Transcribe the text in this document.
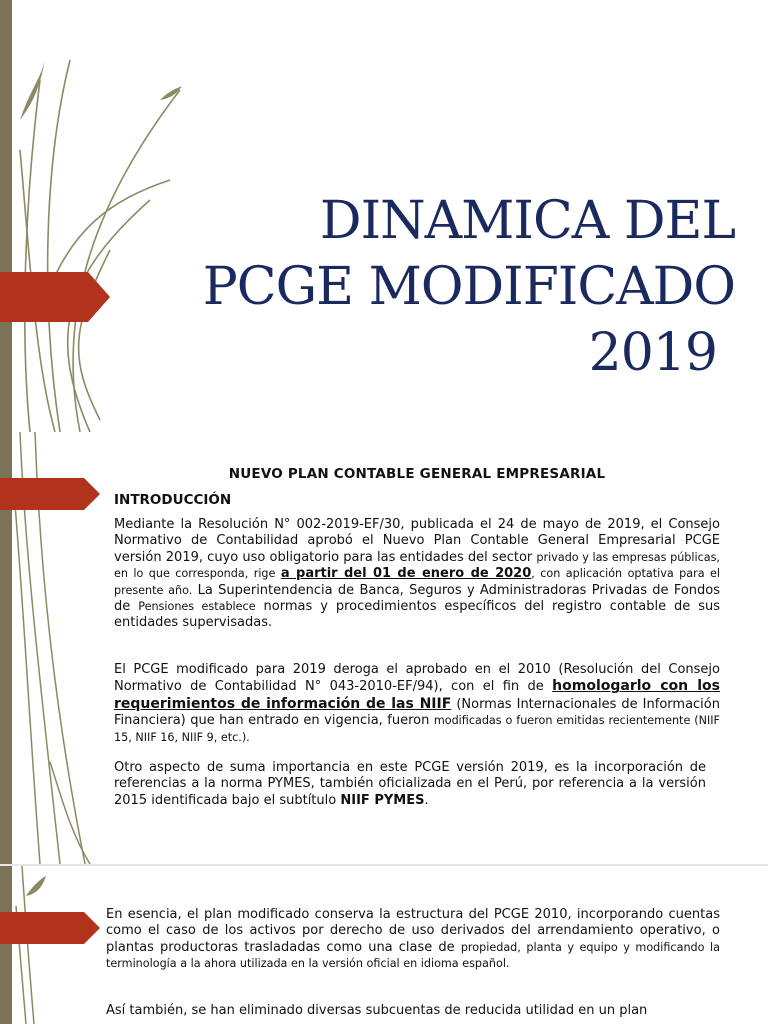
DINAMICA DEL
PCGE MODIFICADO
2019
NUEVO PLAN CONTABLE GENERAL EMPRESARIAL
INTRODUCCIÓN
Mediante la Resolución N° 002-2019-EF/30, publicada el 24 de mayo de 2019, el Consejo Normativo de Contabilidad aprobó el Nuevo Plan Contable General Empresarial PCGE versión 2019, cuyo uso obligatorio para las entidades del sector privado y las empresas públicas, en lo que corresponda, rige a partir del 01 de enero de 2020, con aplicación optativa para el presente año. La Superintendencia de Banca, Seguros y Administradoras Privadas de Fondos de Pensiones establece normas y procedimientos específicos del registro contable de sus entidades supervisadas.
El PCGE modificado para 2019 deroga el aprobado en el 2010 (Resolución del Consejo Normativo de Contabilidad N° 043-2010-EF/94), con el fin de homologarlo con los requerimientos de información de las NIIF (Normas Internacionales de Información Financiera) que han entrado en vigencia, fueron modificadas o fueron emitidas recientemente (NIIF 15, NIIF 16, NIIF 9, etc.).
Otro aspecto de suma importancia en este PCGE versión 2019, es la incorporación de referencias a la norma PYMES, también oficializada en el Perú, por referencia a la versión 2015 identificada bajo el subtítulo NIIF PYMES.
En esencia, el plan modificado conserva la estructura del PCGE 2010, incorporando cuentas como el caso de los activos por derecho de uso derivados del arrendamiento operativo, o plantas productoras trasladadas como una clase de propiedad, planta y equipo y modificando la terminología a la ahora utilizada en la versión oficial en idioma español.
Así también, se han eliminado diversas subcuentas de reducida utilidad en un plan
